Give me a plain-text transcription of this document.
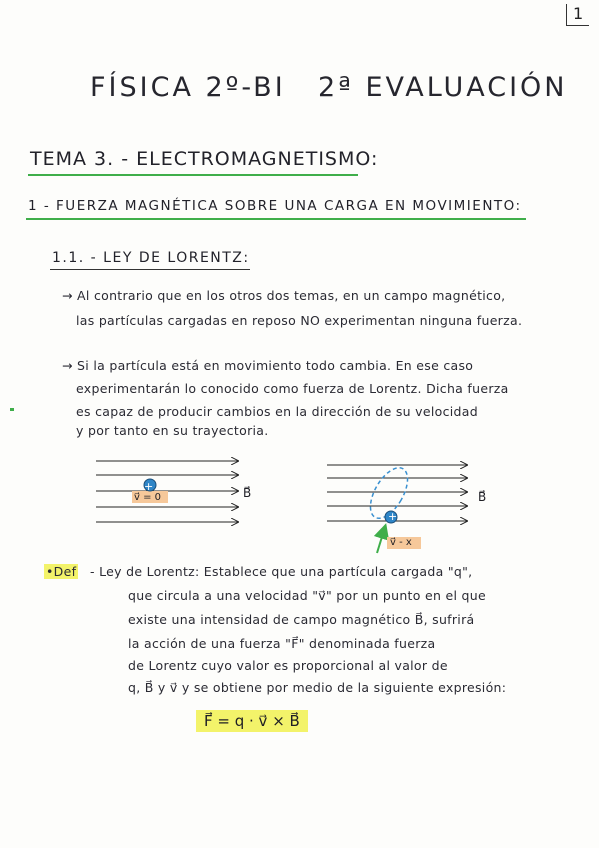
1
FÍSICA 2º-BI 2ª EVALUACIÓN
TEMA 3. - ELECTROMAGNETISMO:
1 - FUERZA MAGNÉTICA SOBRE UNA CARGA EN MOVIMIENTO:
1.1. - LEY DE LORENTZ:
→ Al contrario que en los otros dos temas, en un campo magnético,
las partículas cargadas en reposo NO experimentan ninguna fuerza.
→ Si la partícula está en movimiento todo cambia. En ese caso
experimentarán lo conocido como fuerza de Lorentz. Dicha fuerza
es capaz de producir cambios en la dirección de su velocidad
y por tanto en su trayectoria.
+
v⃗ = 0	B⃗
+
v⃗ - x
B⃗
•Def - Ley de Lorentz: Establece que una partícula cargada "q",
que circula a una velocidad "v⃗" por un punto en el que
existe una intensidad de campo magnético B⃗, sufrirá
la acción de una fuerza "F⃗" denominada fuerza
de Lorentz cuyo valor es proporcional al valor de
q, B⃗ y v⃗ y se obtiene por medio de la siguiente expresión:
F⃗ = q · v⃗ × B⃗
